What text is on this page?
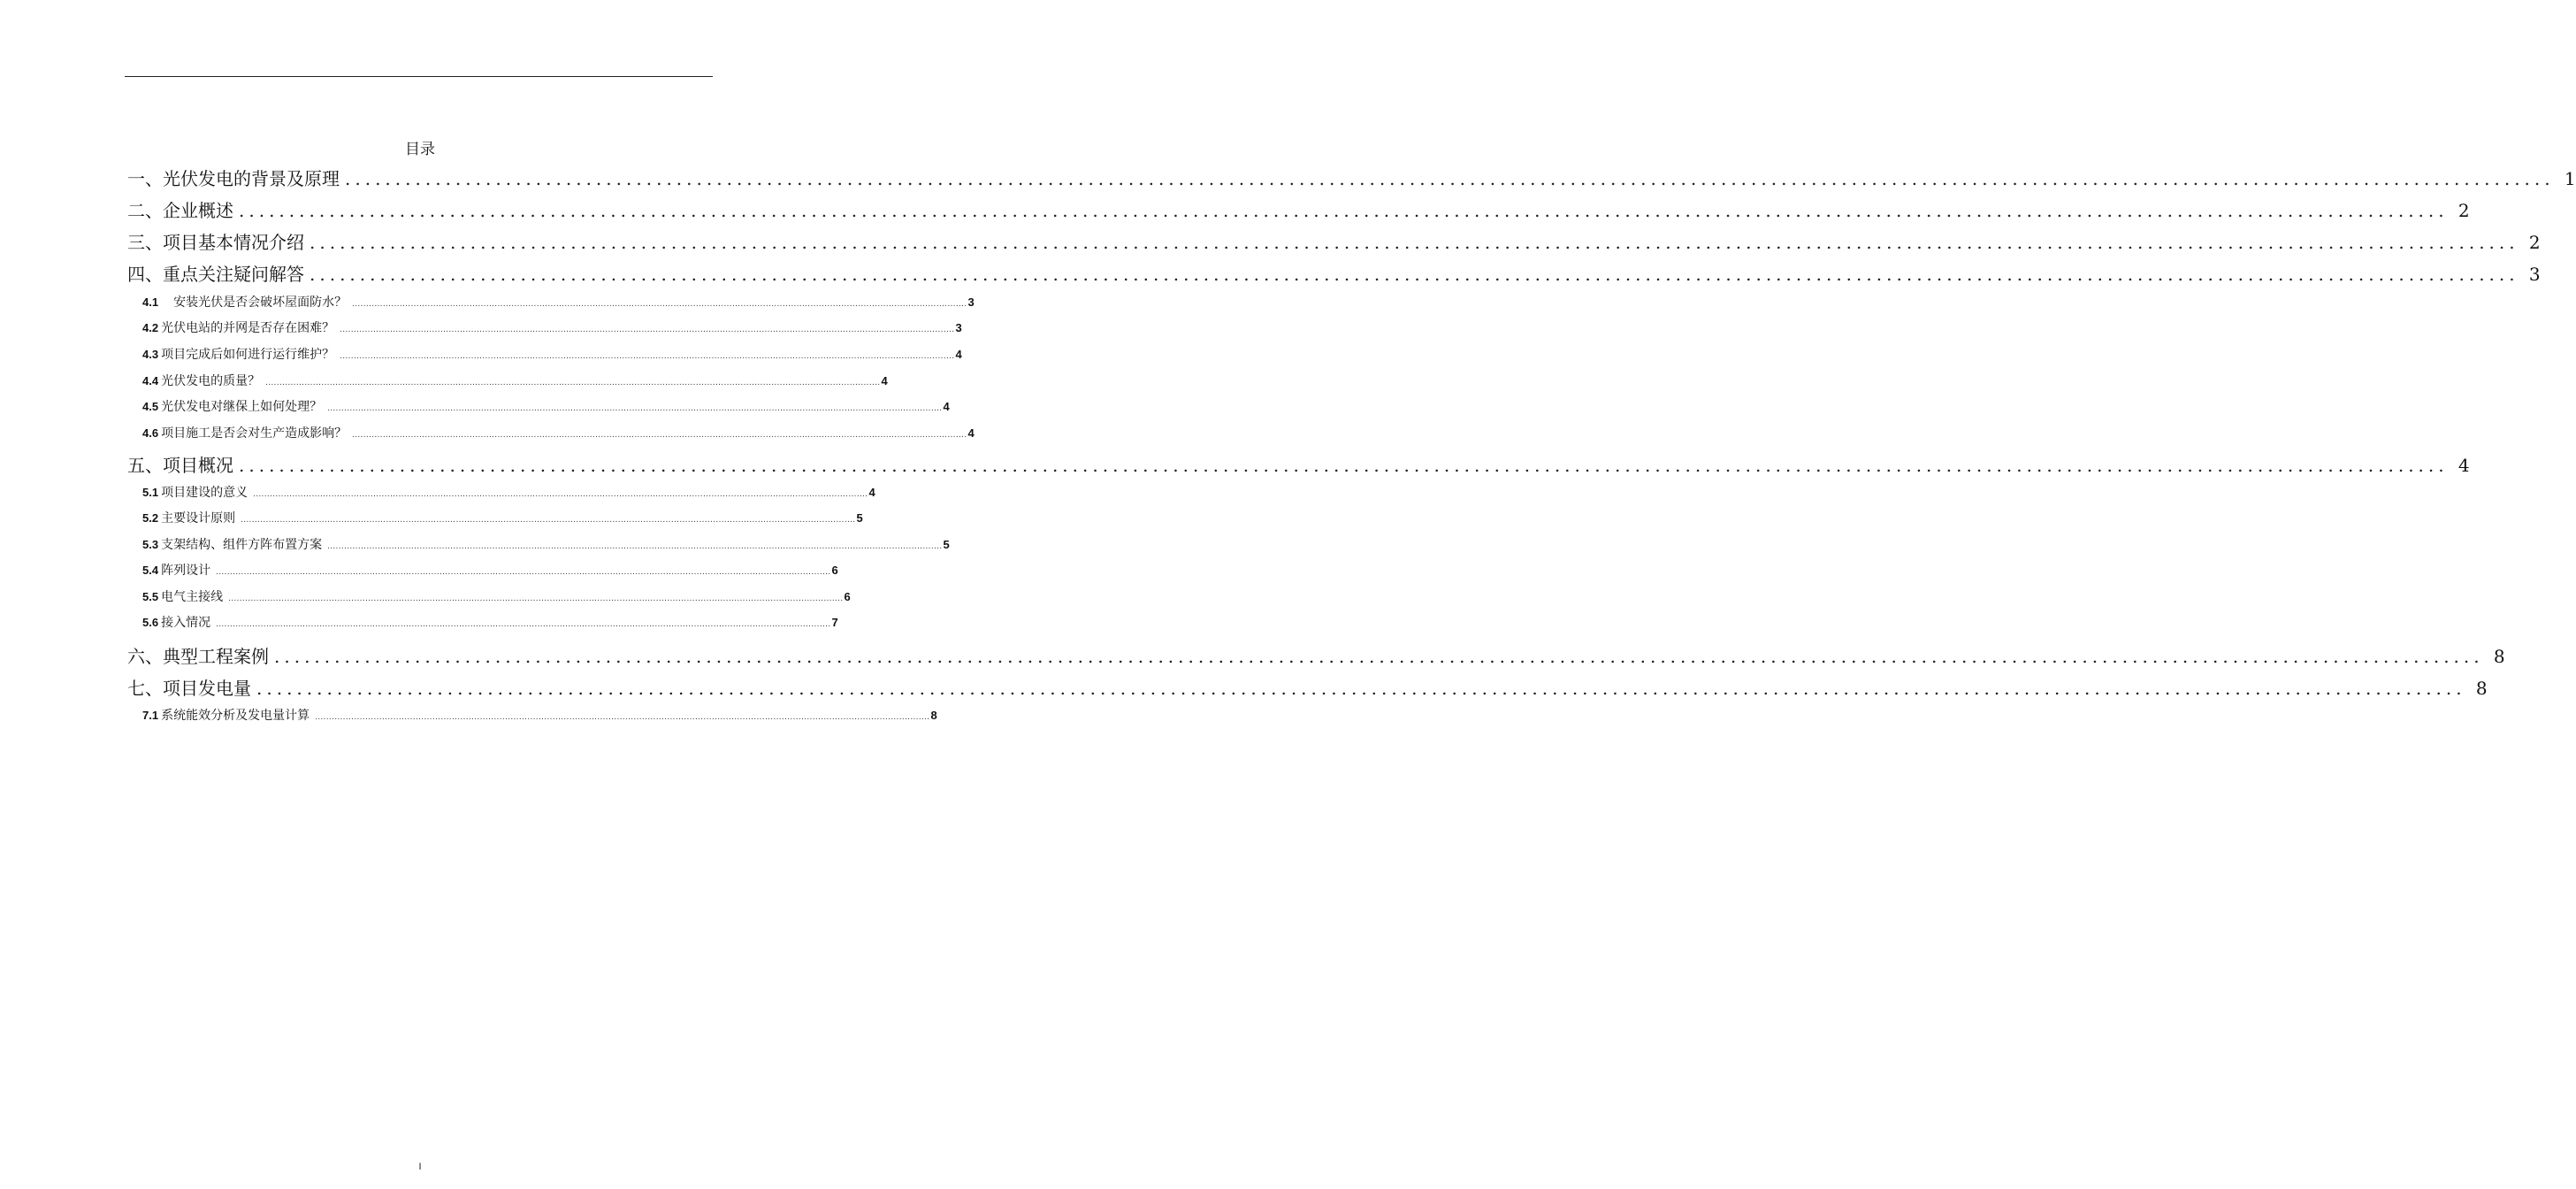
目录
一、光伏发电的背景及原理 ............................................................................................................................................................................................................................ 1
二、企业概述 ............................................................................................................................................................................................................................ 2
三、项目基本情况介绍 ............................................................................................................................................................................................................................ 2
四、重点关注疑问解答 ............................................................................................................................................................................................................................ 3
4.1 安装光伏是否会破坏屋面防水？ ............................................................................................................................................................................................................................ 3
4.2 光伏电站的并网是否存在困难？ ............................................................................................................................................................................................................................ 3
4.3 项目完成后如何进行运行维护？ ............................................................................................................................................................................................................................ 4
4.4 光伏发电的质量？ ............................................................................................................................................................................................................................ 4
4.5 光伏发电对继保上如何处理？ ............................................................................................................................................................................................................................ 4
4.6 项目施工是否会对生产造成影响？ ............................................................................................................................................................................................................................ 4
五、项目概况 ............................................................................................................................................................................................................................ 4
5.1 项目建设的意义 ............................................................................................................................................................................................................................ 4
5.2 主要设计原则 ............................................................................................................................................................................................................................ 5
5.3 支架结构、组件方阵布置方案 ............................................................................................................................................................................................................................ 5
5.4 阵列设计 ............................................................................................................................................................................................................................ 6
5.5 电气主接线 ............................................................................................................................................................................................................................ 6
5.6 接入情况 ............................................................................................................................................................................................................................ 7
六、典型工程案例 ............................................................................................................................................................................................................................ 8
七、项目发电量 ............................................................................................................................................................................................................................ 8
7.1 系统能效分析及发电量计算 ............................................................................................................................................................................................................................ 8
I
